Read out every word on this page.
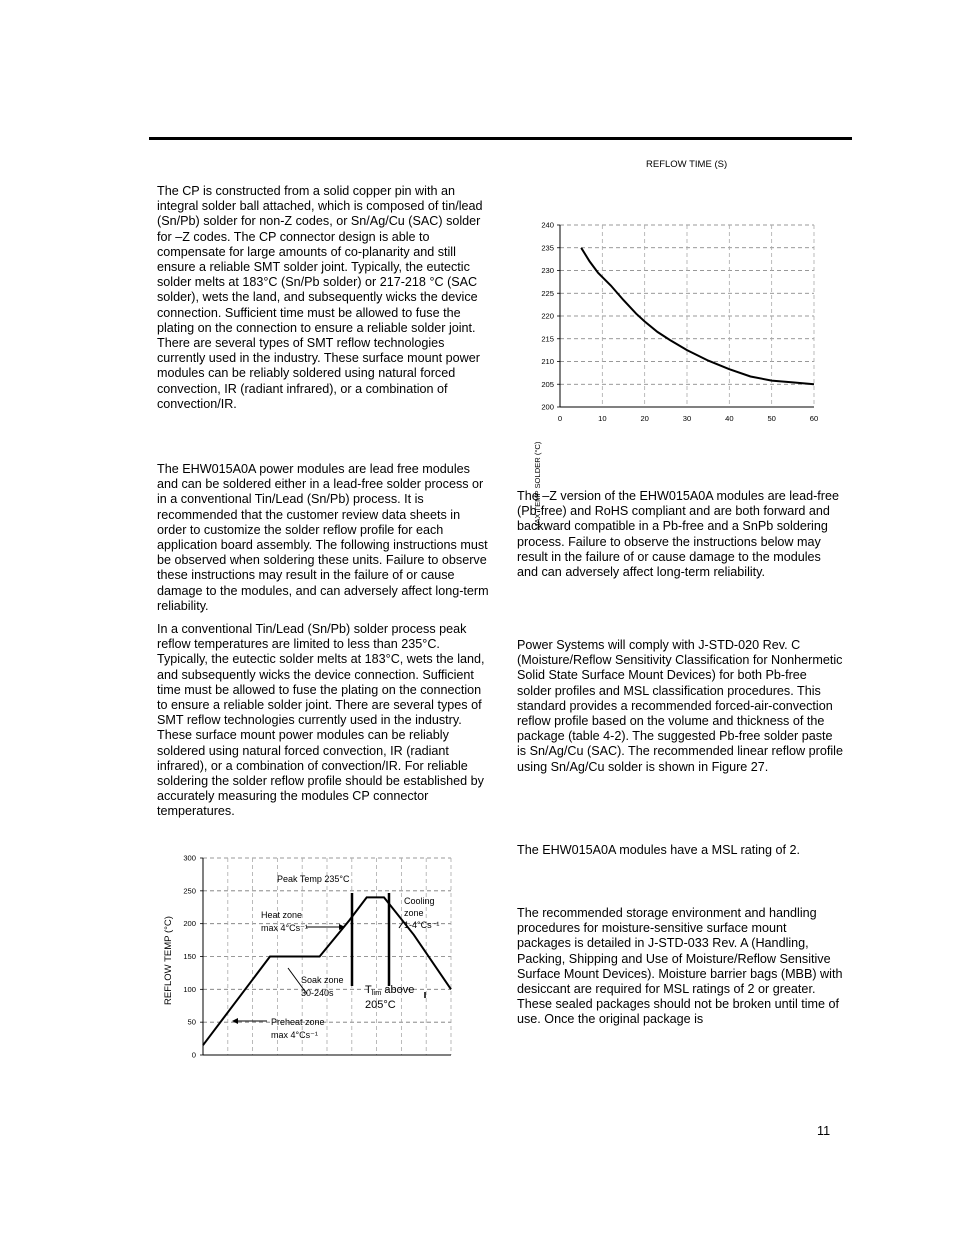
The CP is constructed from a solid copper pin with an integral solder ball attached, which is composed of tin/lead (Sn/Pb) solder for non-Z codes, or Sn/Ag/Cu (SAC) solder for –Z codes. The CP connector design is able to compensate for large amounts of co-planarity and still ensure a reliable SMT solder joint. Typically, the eutectic solder melts at 183°C (Sn/Pb solder) or 217-218 °C (SAC solder), wets the land, and subsequently wicks the device connection. Sufficient time must be allowed to fuse the plating on the connection to ensure a reliable solder joint. There are several types of SMT reflow technologies currently used in the industry. These surface mount power modules can be reliably soldered using natural forced convection, IR (radiant infrared), or a combination of convection/IR.

The EHW015A0A power modules are lead free modules and can be soldered either in a lead-free solder process or in a conventional Tin/Lead (Sn/Pb) process. It is recommended that the customer review data sheets in order to customize the solder reflow profile for each application board assembly. The following instructions must be observed when soldering these units. Failure to observe these instructions may result in the failure of or cause damage to the modules, and can adversely affect long-term reliability.

In a conventional Tin/Lead (Sn/Pb) solder process peak reflow temperatures are limited to less than 235°C. Typically, the eutectic solder melts at 183°C, wets the land, and subsequently wicks the device connection. Sufficient time must be allowed to fuse the plating on the connection to ensure a reliable solder joint. There are several types of SMT reflow technologies currently used in the industry. These surface mount power modules can be reliably soldered using natural forced convection, IR (radiant infrared), or a combination of convection/IR. For reliable soldering the solder reflow profile should be established by accurately measuring the modules CP connector temperatures.

The –Z version of the EHW015A0A modules are lead-free (Pb-free) and RoHS compliant and are both forward and backward compatible in a Pb-free and a SnPb soldering process. Failure to observe the instructions below may result in the failure of or cause damage to the modules and can adversely affect long-term reliability.

Power Systems will comply with J-STD-020 Rev. C (Moisture/Reflow Sensitivity Classification for Nonhermetic Solid State Surface Mount Devices) for both Pb-free solder profiles and MSL classification procedures. This standard provides a recommended forced-air-convection reflow profile based on the volume and thickness of the package (table 4-2). The suggested Pb-free solder paste is Sn/Ag/Cu (SAC). The recommended linear reflow profile using Sn/Ag/Cu solder is shown in Figure 27.

The EHW015A0A modules have a MSL rating of 2.

The recommended storage environment and handling procedures for moisture-sensitive surface mount packages is detailed in J-STD-033 Rev. A (Handling, Packing, Shipping and Use of Moisture/Reflow Sensitive Surface Mount Devices). Moisture barrier bags (MBB) with desiccant are required for MSL ratings of 2 or greater. These sealed packages should not be broken until time of use. Once the original package is

11
REFLOW TIME (S)
200
205
210
215
220
225
230
235
240
0	10	20	30	40	50	60
MAX TEMP SOLDER (°C)
0
50
100
150
200
250
300
REFLOW TEMP (°C)
Peak Temp 235°C
Heat zone
max 4°Cs⁻¹
Cooling
zone
1-4°Cs⁻¹
Soak zone
30-240s	Tlim above
205°C
Preheat zone
max 4°Cs⁻¹
